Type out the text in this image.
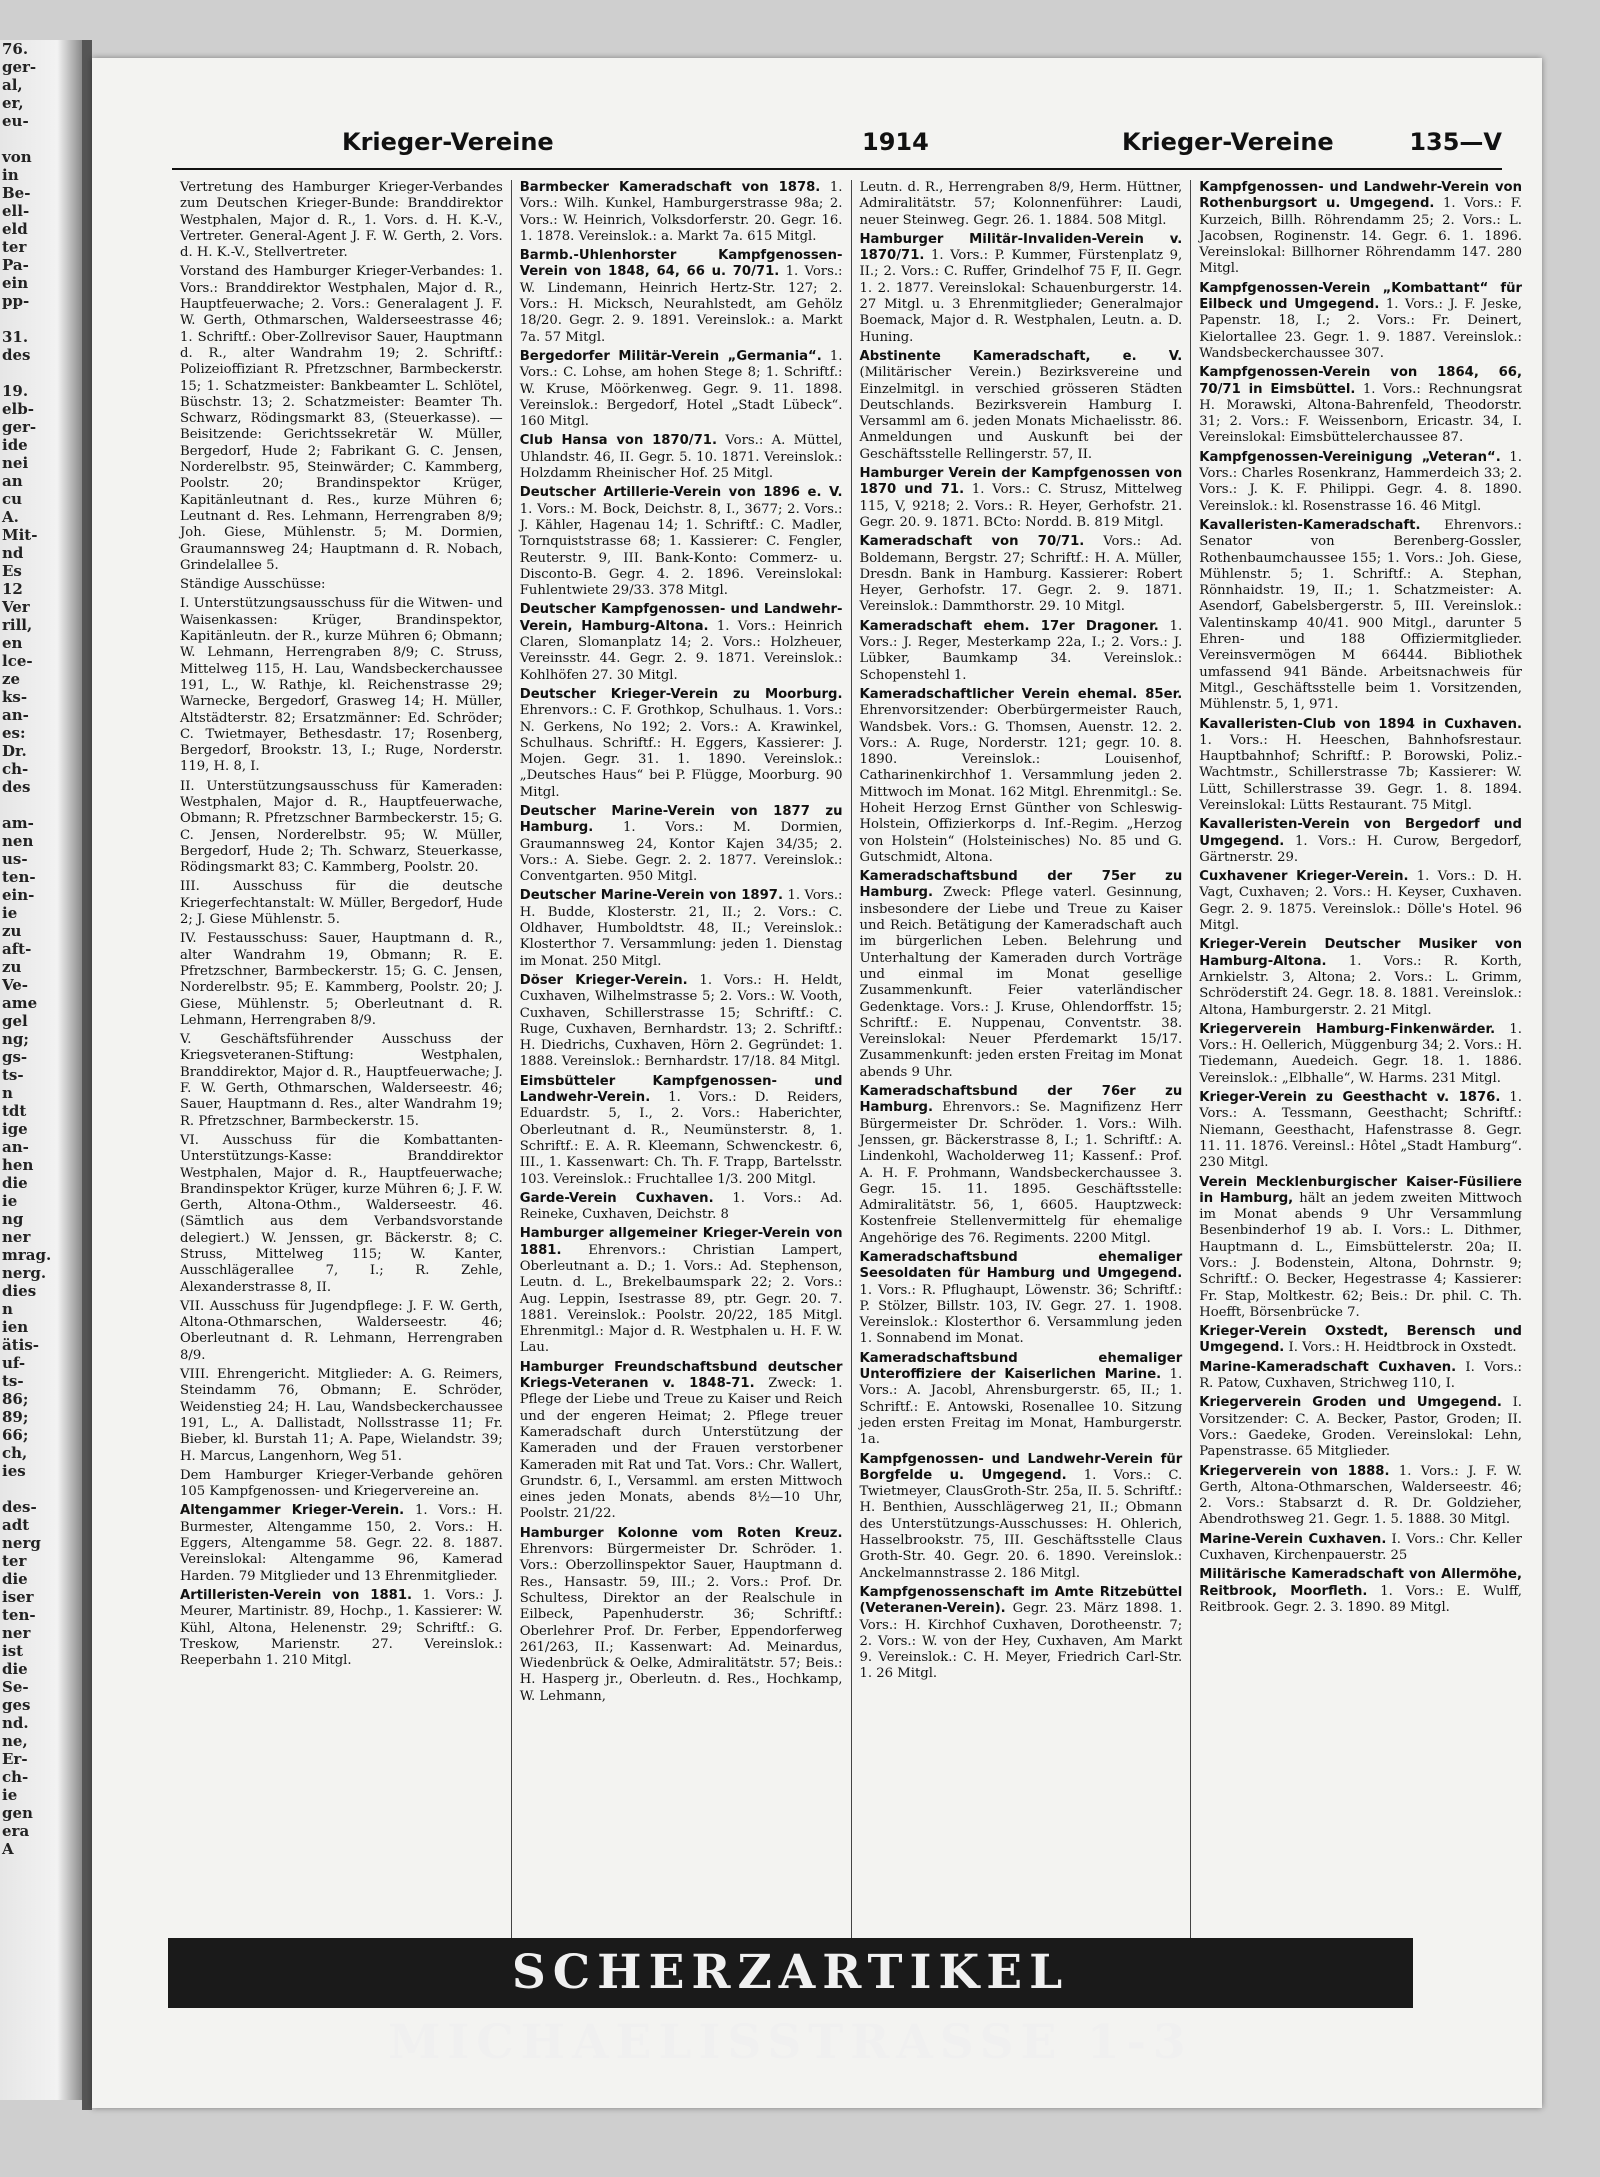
76.
ger-
al,
er,
eu-

von
in
Be-
ell-
eld
ter
Pa-
ein
pp-

31.
des

19.
elb-
ger-
ide
nei
an
cu
A.
Mit-
nd
Es
12
Ver
rill,
en
lce-
ze
ks-
an-
es:
Dr.
ch-
des

am-
nen
us-
ten-
ein-
ie
zu
aft-
zu
Ve-
ame
gel
ng;
gs-
ts-
n
tdt
ige
an-
hen
die
ie
ng
ner
mrag.
nerg.
dies
n
ien
ätis-
uf-
ts-
86;
89;
66;
ch,
ies

des-
adt
nerg
ter
die
iser
ten-
ner
ist
die
Se-
ges
nd.
ne,
Er-
ch-
ie
gen
era
A
Krieger-Vereine	1914	Krieger-Vereine	135—V

Vertretung des Hamburger Krieger-Verbandes zum Deutschen Krieger-Bunde: Branddirektor Westphalen, Major d. R., 1. Vors. d. H. K.-V., Vertreter. General-Agent J. F. W. Gerth, 2. Vors. d. H. K.-V., Stellvertreter.

Vorstand des Hamburger Krieger-Verbandes: 1. Vors.: Branddirektor Westphalen, Major d. R., Hauptfeuerwache; 2. Vors.: Generalagent J. F. W. Gerth, Othmarschen, Walderseestrasse 46; 1. Schriftf.: Ober-Zollrevisor Sauer, Hauptmann d. R., alter Wandrahm 19; 2. Schriftf.: Polizeioffiziant R. Pfretzschner, Barmbeckerstr. 15; 1. Schatzmeister: Bankbeamter L. Schlötel, Büschstr. 13; 2. Schatzmeister: Beamter Th. Schwarz, Rödingsmarkt 83, (Steuerkasse). — Beisitzende: Gerichtssekretär W. Müller, Bergedorf, Hude 2; Fabrikant G. C. Jensen, Norderelbstr. 95, Steinwärder; C. Kammberg, Poolstr. 20; Brandinspektor Krüger, Kapitänleutnant d. Res., kurze Mühren 6; Leutnant d. Res. Lehmann, Herrengraben 8/9; Joh. Giese, Mühlenstr. 5; M. Dormien, Graumannsweg 24; Hauptmann d. R. Nobach, Grindelallee 5.

Ständige Ausschüsse:

I. Unterstützungsausschuss für die Witwen- und Waisenkassen: Krüger, Brandinspektor, Kapitänleutn. der R., kurze Mühren 6; Obmann; W. Lehmann, Herrengraben 8/9; C. Struss, Mittelweg 115, H. Lau, Wandsbeckerchaussee 191, L., W. Rathje, kl. Reichenstrasse 29; Warnecke, Bergedorf, Grasweg 14; H. Müller, Altstädterstr. 82; Ersatzmänner: Ed. Schröder; C. Twietmayer, Bethesdastr. 17; Rosenberg, Bergedorf, Brookstr. 13, I.; Ruge, Norderstr. 119, H. 8, I.

II. Unterstützungsausschuss für Kameraden: Westphalen, Major d. R., Hauptfeuerwache, Obmann; R. Pfretzschner Barmbeckerstr. 15; G. C. Jensen, Norderelbstr. 95; W. Müller, Bergedorf, Hude 2; Th. Schwarz, Steuerkasse, Rödingsmarkt 83; C. Kammberg, Poolstr. 20.

III. Ausschuss für die deutsche Kriegerfechtanstalt: W. Müller, Bergedorf, Hude 2; J. Giese Mühlenstr. 5.

IV. Festausschuss: Sauer, Hauptmann d. R., alter Wandrahm 19, Obmann; R. E. Pfretzschner, Barmbeckerstr. 15; G. C. Jensen, Norderelbstr. 95; E. Kammberg, Poolstr. 20; J. Giese, Mühlenstr. 5; Oberleutnant d. R. Lehmann, Herrengraben 8/9.

V. Geschäftsführender Ausschuss der Kriegsveteranen-Stiftung: Westphalen, Branddirektor, Major d. R., Hauptfeuerwache; J. F. W. Gerth, Othmarschen, Walderseestr. 46; Sauer, Hauptmann d. Res., alter Wandrahm 19; R. Pfretzschner, Barmbeckerstr. 15.

VI. Ausschuss für die Kombattanten-Unterstützungs-Kasse: Branddirektor Westphalen, Major d. R., Hauptfeuerwache; Brandinspektor Krüger, kurze Mühren 6; J. F. W. Gerth, Altona-Othm., Walderseestr. 46. (Sämtlich aus dem Verbandsvorstande delegiert.) W. Jenssen, gr. Bäckerstr. 8; C. Struss, Mittelweg 115; W. Kanter, Ausschlägerallee 7, I.; R. Zehle, Alexanderstrasse 8, II.

VII. Ausschuss für Jugendpflege: J. F. W. Gerth, Altona-Othmarschen, Walderseestr. 46; Oberleutnant d. R. Lehmann, Herrengraben 8/9.

VIII. Ehrengericht. Mitglieder: A. G. Reimers, Steindamm 76, Obmann; E. Schröder, Weidenstieg 24; H. Lau, Wandsbeckerchaussee 191, L., A. Dallistadt, Nollsstrasse 11; Fr. Bieber, kl. Burstah 11; A. Pape, Wielandstr. 39; H. Marcus, Langenhorn, Weg 51.

Dem Hamburger Krieger-Verbande gehören 105 Kampfgenossen- und Kriegervereine an.

Altengammer Krieger-Verein. 1. Vors.: H. Burmester, Altengamme 150, 2. Vors.: H. Eggers, Altengamme 58. Gegr. 22. 8. 1887. Vereinslokal: Altengamme 96, Kamerad Harden. 79 Mitglieder und 13 Ehrenmitglieder.

Artilleristen-Verein von 1881. 1. Vors.: J. Meurer, Martinistr. 89, Hochp., 1. Kassierer: W. Kühl, Altona, Helenenstr. 29; Schriftf.: G. Treskow, Marienstr. 27. Vereinslok.: Reeperbahn 1. 210 Mitgl.

Barmbecker Kameradschaft von 1878. 1. Vors.: Wilh. Kunkel, Hamburgerstrasse 98a; 2. Vors.: W. Heinrich, Volksdorferstr. 20. Gegr. 16. 1. 1878. Vereinslok.: a. Markt 7a. 615 Mitgl.

Barmb.-Uhlenhorster Kampfgenossen-Verein von 1848, 64, 66 u. 70/71. 1. Vors.: W. Lindemann, Heinrich Hertz-Str. 127; 2. Vors.: H. Micksch, Neurahlstedt, am Gehölz 18/20. Gegr. 2. 9. 1891. Vereinslok.: a. Markt 7a. 57 Mitgl.

Bergedorfer Militär-Verein „Germania“. 1. Vors.: C. Lohse, am hohen Stege 8; 1. Schriftf.: W. Kruse, Möörkenweg. Gegr. 9. 11. 1898. Vereinslok.: Bergedorf, Hotel „Stadt Lübeck“. 160 Mitgl.

Club Hansa von 1870/71. Vors.: A. Müttel, Uhlandstr. 46, II. Gegr. 5. 10. 1871. Vereinslok.: Holzdamm Rheinischer Hof. 25 Mitgl.

Deutscher Artillerie-Verein von 1896 e. V. 1. Vors.: M. Bock, Deichstr. 8, I., 3677; 2. Vors.: J. Kähler, Hagenau 14; 1. Schriftf.: C. Madler, Tornquiststrasse 68; 1. Kassierer: C. Fengler, Reuterstr. 9, III. Bank-Konto: Commerz- u. Disconto-B. Gegr. 4. 2. 1896. Vereinslokal: Fuhlentwiete 29/33. 378 Mitgl.

Deutscher Kampfgenossen- und Landwehr-Verein, Hamburg-Altona. 1. Vors.: Heinrich Claren, Slomanplatz 14; 2. Vors.: Holzheuer, Vereinsstr. 44. Gegr. 2. 9. 1871. Vereinslok.: Kohlhöfen 27. 30 Mitgl.

Deutscher Krieger-Verein zu Moorburg. Ehrenvors.: C. F. Grothkop, Schulhaus. 1. Vors.: N. Gerkens, No 192; 2. Vors.: A. Krawinkel, Schulhaus. Schriftf.: H. Eggers, Kassierer: J. Mojen. Gegr. 31. 1. 1890. Vereinslok.: „Deutsches Haus“ bei P. Flügge, Moorburg. 90 Mitgl.

Deutscher Marine-Verein von 1877 zu Hamburg. 1. Vors.: M. Dormien, Graumannsweg 24, Kontor Kajen 34/35; 2. Vors.: A. Siebe. Gegr. 2. 2. 1877. Vereinslok.: Conventgarten. 950 Mitgl.

Deutscher Marine-Verein von 1897. 1. Vors.: H. Budde, Klosterstr. 21, II.; 2. Vors.: C. Oldhaver, Humboldtstr. 48, II.; Vereinslok.: Klosterthor 7. Versammlung: jeden 1. Dienstag im Monat. 250 Mitgl.

Döser Krieger-Verein. 1. Vors.: H. Heldt, Cuxhaven, Wilhelmstrasse 5; 2. Vors.: W. Vooth, Cuxhaven, Schillerstrasse 15; Schriftf.: C. Ruge, Cuxhaven, Bernhardstr. 13; 2. Schriftf.: H. Diedrichs, Cuxhaven, Hörn 2. Gegründet: 1. 1888. Vereinslok.: Bernhardstr. 17/18. 84 Mitgl.

Eimsbütteler Kampfgenossen- und Landwehr-Verein. 1. Vors.: D. Reiders, Eduardstr. 5, I., 2. Vors.: Haberichter, Oberleutnant d. R., Neumünsterstr. 8, 1. Schriftf.: E. A. R. Kleemann, Schwenckestr. 6, III., 1. Kassenwart: Ch. Th. F. Trapp, Bartelsstr. 103. Vereinslok.: Fruchtallee 1/3. 200 Mitgl.

Garde-Verein Cuxhaven. 1. Vors.: Ad. Reineke, Cuxhaven, Deichstr. 8

Hamburger allgemeiner Krieger-Verein von 1881. Ehrenvors.: Christian Lampert, Oberleutnant a. D.; 1. Vors.: Ad. Stephenson, Leutn. d. L., Brekelbaumspark 22; 2. Vors.: Aug. Leppin, Isestrasse 89, ptr. Gegr. 20. 7. 1881. Vereinslok.: Poolstr. 20/22, 185 Mitgl. Ehrenmitgl.: Major d. R. Westphalen u. H. F. W. Lau.

Hamburger Freundschaftsbund deutscher Kriegs-Veteranen v. 1848-71. Zweck: 1. Pflege der Liebe und Treue zu Kaiser und Reich und der engeren Heimat; 2. Pflege treuer Kameradschaft durch Unterstützung der Kameraden und der Frauen verstorbener Kameraden mit Rat und Tat. Vors.: Chr. Wallert, Grundstr. 6, I., Versamml. am ersten Mittwoch eines jeden Monats, abends 8½—10 Uhr, Poolstr. 21/22.

Hamburger Kolonne vom Roten Kreuz. Ehrenvors: Bürgermeister Dr. Schröder. 1. Vors.: Oberzollinspektor Sauer, Hauptmann d. Res., Hansastr. 59, III.; 2. Vors.: Prof. Dr. Schultess, Direktor an der Realschule in Eilbeck, Papenhuderstr. 36; Schriftf.: Oberlehrer Prof. Dr. Ferber, Eppendorferweg 261/263, II.; Kassenwart: Ad. Meinardus, Wiedenbrück & Oelke, Admiralitätstr. 57; Beis.: H. Hasperg jr., Oberleutn. d. Res., Hochkamp, W. Lehmann,

Leutn. d. R., Herrengraben 8/9, Herm. Hüttner, Admiralitätstr. 57; Kolonnenführer: Laudi, neuer Steinweg. Gegr. 26. 1. 1884. 508 Mitgl.

Hamburger Militär-Invaliden-Verein v. 1870/71. 1. Vors.: P. Kummer, Fürstenplatz 9, II.; 2. Vors.: C. Ruffer, Grindelhof 75 F, II. Gegr. 1. 2. 1877. Vereinslokal: Schauenburgerstr. 14. 27 Mitgl. u. 3 Ehrenmitglieder; Generalmajor Boemack, Major d. R. Westphalen, Leutn. a. D. Huning.

Abstinente Kameradschaft, e. V. (Militärischer Verein.) Bezirksvereine und Einzelmitgl. in verschied grösseren Städten Deutschlands. Bezirksverein Hamburg I. Versamml am 6. jeden Monats Michaelisstr. 86. Anmeldungen und Auskunft bei der Geschäftsstelle Rellingerstr. 57, II.

Hamburger Verein der Kampfgenossen von 1870 und 71. 1. Vors.: C. Strusz, Mittelweg 115, V, 9218; 2. Vors.: R. Heyer, Gerhofstr. 21. Gegr. 20. 9. 1871. BCto: Nordd. B. 819 Mitgl.

Kameradschaft von 70/71. Vors.: Ad. Boldemann, Bergstr. 27; Schriftf.: H. A. Müller, Dresdn. Bank in Hamburg. Kassierer: Robert Heyer, Gerhofstr. 17. Gegr. 2. 9. 1871. Vereinslok.: Dammthorstr. 29. 10 Mitgl.

Kameradschaft ehem. 17er Dragoner. 1. Vors.: J. Reger, Mesterkamp 22a, I.; 2. Vors.: J. Lübker, Baumkamp 34. Vereinslok.: Schopenstehl 1.

Kameradschaftlicher Verein ehemal. 85er. Ehrenvorsitzender: Oberbürgermeister Rauch, Wandsbek. Vors.: G. Thomsen, Auenstr. 12. 2. Vors.: A. Ruge, Norderstr. 121; gegr. 10. 8. 1890. Vereinslok.: Louisenhof, Catharinenkirchhof 1. Versammlung jeden 2. Mittwoch im Monat. 162 Mitgl. Ehrenmitgl.: Se. Hoheit Herzog Ernst Günther von Schleswig-Holstein, Offizierkorps d. Inf.-Regim. „Herzog von Holstein“ (Holsteinisches) No. 85 und G. Gutschmidt, Altona.

Kameradschaftsbund der 75er zu Hamburg. Zweck: Pflege vaterl. Gesinnung, insbesondere der Liebe und Treue zu Kaiser und Reich. Betätigung der Kameradschaft auch im bürgerlichen Leben. Belehrung und Unterhaltung der Kameraden durch Vorträge und einmal im Monat gesellige Zusammenkunft. Feier vaterländischer Gedenktage. Vors.: J. Kruse, Ohlendorffstr. 15; Schriftf.: E. Nuppenau, Conventstr. 38. Vereinslokal: Neuer Pferdemarkt 15/17. Zusammenkunft: jeden ersten Freitag im Monat abends 9 Uhr.

Kameradschaftsbund der 76er zu Hamburg. Ehrenvors.: Se. Magnifizenz Herr Bürgermeister Dr. Schröder. 1. Vors.: Wilh. Jenssen, gr. Bäckerstrasse 8, I.; 1. Schriftf.: A. Lindenkohl, Wacholderweg 11; Kassenf.: Prof. A. H. F. Prohmann, Wandsbeckerchaussee 3. Gegr. 15. 11. 1895. Geschäftsstelle: Admiralitätstr. 56, 1, 6605. Hauptzweck: Kostenfreie Stellenvermittelg für ehemalige Angehörige des 76. Regiments. 2200 Mitgl.

Kameradschaftsbund ehemaliger Seesoldaten für Hamburg und Umgegend. 1. Vors.: R. Pflughaupt, Löwenstr. 36; Schriftf.: P. Stölzer, Billstr. 103, IV. Gegr. 27. 1. 1908. Vereinslok.: Klosterthor 6. Versammlung jeden 1. Sonnabend im Monat.

Kameradschaftsbund ehemaliger Unteroffiziere der Kaiserlichen Marine. 1. Vors.: A. Jacobl, Ahrensburgerstr. 65, II.; 1. Schriftf.: E. Antowski, Rosenallee 10. Sitzung jeden ersten Freitag im Monat, Hamburgerstr. 1a.

Kampfgenossen- und Landwehr-Verein für Borgfelde u. Umgegend. 1. Vors.: C. Twietmeyer, ClausGroth-Str. 25a, II. 5. Schriftf.: H. Benthien, Ausschlägerweg 21, II.; Obmann des Unterstützungs-Ausschusses: H. Ohlerich, Hasselbrookstr. 75, III. Geschäftsstelle Claus Groth-Str. 40. Gegr. 20. 6. 1890. Vereinslok.: Anckelmannstrasse 2. 186 Mitgl.

Kampfgenossenschaft im Amte Ritzebüttel (Veteranen-Verein). Gegr. 23. März 1898. 1. Vors.: H. Kirchhof Cuxhaven, Dorotheenstr. 7; 2. Vors.: W. von der Hey, Cuxhaven, Am Markt 9. Vereinslok.: C. H. Meyer, Friedrich Carl-Str. 1. 26 Mitgl.

Kampfgenossen- und Landwehr-Verein von Rothenburgsort u. Umgegend. 1. Vors.: F. Kurzeich, Billh. Röhrendamm 25; 2. Vors.: L. Jacobsen, Roginenstr. 14. Gegr. 6. 1. 1896. Vereinslokal: Billhorner Röhrendamm 147. 280 Mitgl.

Kampfgenossen-Verein „Kombattant“ für Eilbeck und Umgegend. 1. Vors.: J. F. Jeske, Papenstr. 18, I.; 2. Vors.: Fr. Deinert, Kielortallee 23. Gegr. 1. 9. 1887. Vereinslok.: Wandsbeckerchaussee 307.

Kampfgenossen-Verein von 1864, 66, 70/71 in Eimsbüttel. 1. Vors.: Rechnungsrat H. Morawski, Altona-Bahrenfeld, Theodorstr. 31; 2. Vors.: F. Weissenborn, Ericastr. 34, I. Vereinslokal: Eimsbüttelerchaussee 87.

Kampfgenossen-Vereinigung „Veteran“. 1. Vors.: Charles Rosenkranz, Hammerdeich 33; 2. Vors.: J. K. F. Philippi. Gegr. 4. 8. 1890. Vereinslok.: kl. Rosenstrasse 16. 46 Mitgl.

Kavalleristen-Kameradschaft. Ehrenvors.: Senator von Berenberg-Gossler, Rothenbaumchaussee 155; 1. Vors.: Joh. Giese, Mühlenstr. 5; 1. Schriftf.: A. Stephan, Rönnhaidstr. 19, II.; 1. Schatzmeister: A. Asendorf, Gabelsbergerstr. 5, III. Vereinslok.: Valentinskamp 40/41. 900 Mitgl., darunter 5 Ehren- und 188 Offiziermitglieder. Vereinsvermögen M 66444. Bibliothek umfassend 941 Bände. Arbeitsnachweis für Mitgl., Geschäftsstelle beim 1. Vorsitzenden, Mühlenstr. 5, 1, 971.

Kavalleristen-Club von 1894 in Cuxhaven. 1. Vors.: H. Heeschen, Bahnhofsrestaur. Hauptbahnhof; Schriftf.: P. Borowski, Poliz.-Wachtmstr., Schillerstrasse 7b; Kassierer: W. Lütt, Schillerstrasse 39. Gegr. 1. 8. 1894. Vereinslokal: Lütts Restaurant. 75 Mitgl.

Kavalleristen-Verein von Bergedorf und Umgegend. 1. Vors.: H. Curow, Bergedorf, Gärtnerstr. 29.

Cuxhavener Krieger-Verein. 1. Vors.: D. H. Vagt, Cuxhaven; 2. Vors.: H. Keyser, Cuxhaven. Gegr. 2. 9. 1875. Vereinslok.: Dölle's Hotel. 96 Mitgl.

Krieger-Verein Deutscher Musiker von Hamburg-Altona. 1. Vors.: R. Korth, Arnkielstr. 3, Altona; 2. Vors.: L. Grimm, Schröderstift 24. Gegr. 18. 8. 1881. Vereinslok.: Altona, Hamburgerstr. 2. 21 Mitgl.

Kriegerverein Hamburg-Finkenwärder. 1. Vors.: H. Oellerich, Müggenburg 34; 2. Vors.: H. Tiedemann, Auedeich. Gegr. 18. 1. 1886. Vereinslok.: „Elbhalle“, W. Harms. 231 Mitgl.

Krieger-Verein zu Geesthacht v. 1876. 1. Vors.: A. Tessmann, Geesthacht; Schriftf.: Niemann, Geesthacht, Hafenstrasse 8. Gegr. 11. 11. 1876. Vereinsl.: Hôtel „Stadt Hamburg“. 230 Mitgl.

Verein Mecklenburgischer Kaiser-Füsiliere in Hamburg, hält an jedem zweiten Mittwoch im Monat abends 9 Uhr Versammlung Besenbinderhof 19 ab. I. Vors.: L. Dithmer, Hauptmann d. L., Eimsbüttelerstr. 20a; II. Vors.: J. Bodenstein, Altona, Dohrnstr. 9; Schriftf.: O. Becker, Hegestrasse 4; Kassierer: Fr. Stap, Moltkestr. 62; Beis.: Dr. phil. C. Th. Hoefft, Börsenbrücke 7.

Krieger-Verein Oxstedt, Berensch und Umgegend. I. Vors.: H. Heidtbrock in Oxstedt.

Marine-Kameradschaft Cuxhaven. I. Vors.: R. Patow, Cuxhaven, Strichweg 110, I.

Kriegerverein Groden und Umgegend. I. Vorsitzender: C. A. Becker, Pastor, Groden; II. Vors.: Gaedeke, Groden. Vereinslokal: Lehn, Papenstrasse. 65 Mitglieder.

Kriegerverein von 1888. 1. Vors.: J. F. W. Gerth, Altona-Othmarschen, Walderseestr. 46; 2. Vors.: Stabsarzt d. R. Dr. Goldzieher, Abendrothsweg 21. Gegr. 1. 5. 1888. 30 Mitgl.

Marine-Verein Cuxhaven. I. Vors.: Chr. Keller Cuxhaven, Kirchenpauerstr. 25

Militärische Kameradschaft von Allermöhe, Reitbrook, Moorfleth. 1. Vors.: E. Wulff, Reitbrook. Gegr. 2. 3. 1890. 89 Mitgl.

SCHERZARTIKEL MICHAELISSTRASSE 1-3
